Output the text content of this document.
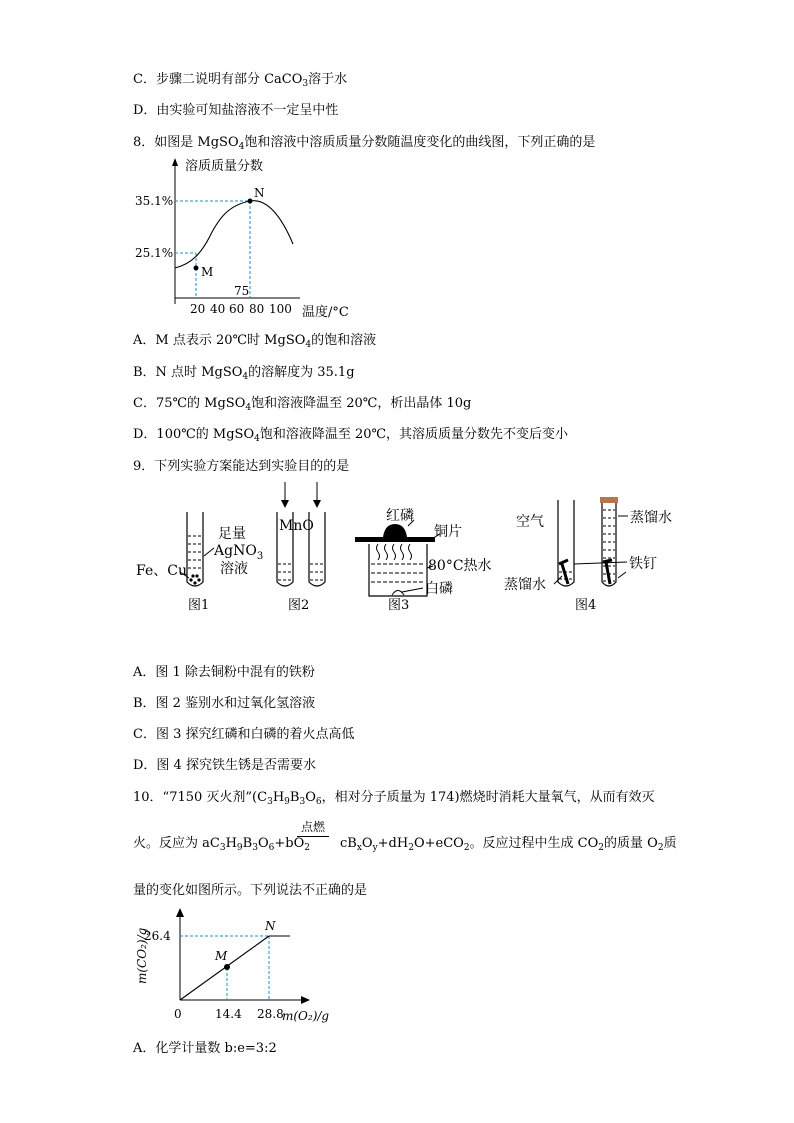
C．步骤二说明有部分 CaCO$_3$溶于水
D．由实验可知盐溶液不一定呈中性
8．如图是 MgSO$_4$饱和溶液中溶质质量分数随温度变化的曲线图，下列正确的是
溶质质量分数
35.1%
25.1%
N
M
75
20 40 60 80 100 温度/°C
A．M 点表示 20℃时 MgSO$_4$的饱和溶液
B．N 点时 MgSO$_4$的溶解度为 35.1g
C．75℃的 MgSO$_4$饱和溶液降温至 20℃，析出晶体 10g
D．100℃的 MgSO$_4$饱和溶液降温至 20℃，其溶质质量分数先不变后变小
9．下列实验方案能达到实验目的的是
足量
AgNO$_3$
溶液
Fe、Cu
图1
MnO
图2
红磷
铜片
80°C热水
白磷
图3
空气
蒸馏水
蒸馏水
铁钉
图4
A．图 1 除去铜粉中混有的铁粉
B．图 2 鉴别水和过氧化氢溶液
C．图 3 探究红磷和白磷的着火点高低
D．图 4 探究铁生锈是否需要水
10．“7150 灭火剂$”(C_3H_9B_3O_6$，相对分子质量为 174)燃烧时消耗大量氧气，从而有效灭
点燃
火。反应为 $aC_3H_9B_3O_6+bO_2$ $cB_xO_y+dH_2O+eCO_2$。反应过程中生成 $CO_2$的质量 $O_2$质
量的变化如图所示。下列说法不正确的是
m(CO₂)/g
26.4
M
N
0	14.4 28.8
m(O₂)/g
A．化学计量数 b:e=3:2
